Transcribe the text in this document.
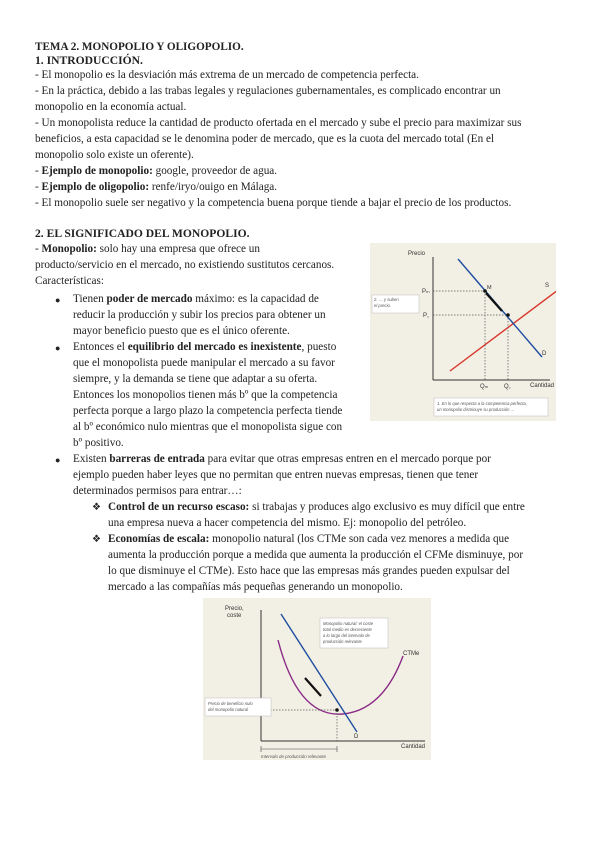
TEMA 2. MONOPOLIO Y OLIGOPOLIO.
1. INTRODUCCIÓN.
- El monopolio es la desviación más extrema de un mercado de competencia perfecta.
- En la práctica, debido a las trabas legales y regulaciones gubernamentales, es complicado encontrar un
monopolio en la economía actual.
- Un monopolista reduce la cantidad de producto ofertada en el mercado y sube el precio para maximizar sus
beneficios, a esta capacidad se le denomina poder de mercado, que es la cuota del mercado total (En el
monopolio solo existe un oferente).
- Ejemplo de monopolio: google, proveedor de agua.
- Ejemplo de oligopolio: renfe/iryo/ouigo en Málaga.
- El monopolio suele ser negativo y la competencia buena porque tiende a bajar el precio de los productos.
2. EL SIGNIFICADO DEL MONOPOLIO.
- Monopolio: solo hay una empresa que ofrece un
producto/servicio en el mercado, no existiendo sustitutos cercanos.
Características:
● Tienen poder de mercado máximo: es la capacidad de
reducir la producción y subir los precios para obtener un
mayor beneficio puesto que es el único oferente.
● Entonces el equilibrio del mercado es inexistente, puesto
que el monopolista puede manipular el mercado a su favor
siempre, y la demanda se tiene que adaptar a su oferta.
Entonces los monopolios tienen más bº que la competencia
perfecta porque a largo plazo la competencia perfecta tiende
al bº económico nulo mientras que el monopolista sigue con
bº positivo.
● Existen barreras de entrada para evitar que otras empresas entren en el mercado porque por
ejemplo pueden haber leyes que no permitan que entren nuevas empresas, tienen que tener
determinados permisos para entrar…:
❖ Control de un recurso escaso: si trabajas y produces algo exclusivo es muy difícil que entre
una empresa nueva a hacer competencia del mismo. Ej: monopolio del petróleo.
❖ Economías de escala: monopolio natural (los CTMe son cada vez menores a medida que
aumenta la producción porque a medida que aumenta la producción el CFMe disminuye, por
lo que disminuye el CTMe). Esto hace que las empresas más grandes pueden expulsar del
mercado a las compañías más pequeñas generando un monopolio.
Precio
Cantidad
Pₘ
P꜀
Qₘ	Q꜀
M	S
D
2. … y suben
el precio.
1. En lo que respecta a la competencia perfecta,
un monopolio disminuye su producción …
Precio,
coste
Cantidad
CTMe
D
Monopolio natural: el coste
total medio es decreciente
a lo largo del intervalo de
producción relevante
Precio de beneficio nulo
del monopolio natural
Intervalo de producción relevante
